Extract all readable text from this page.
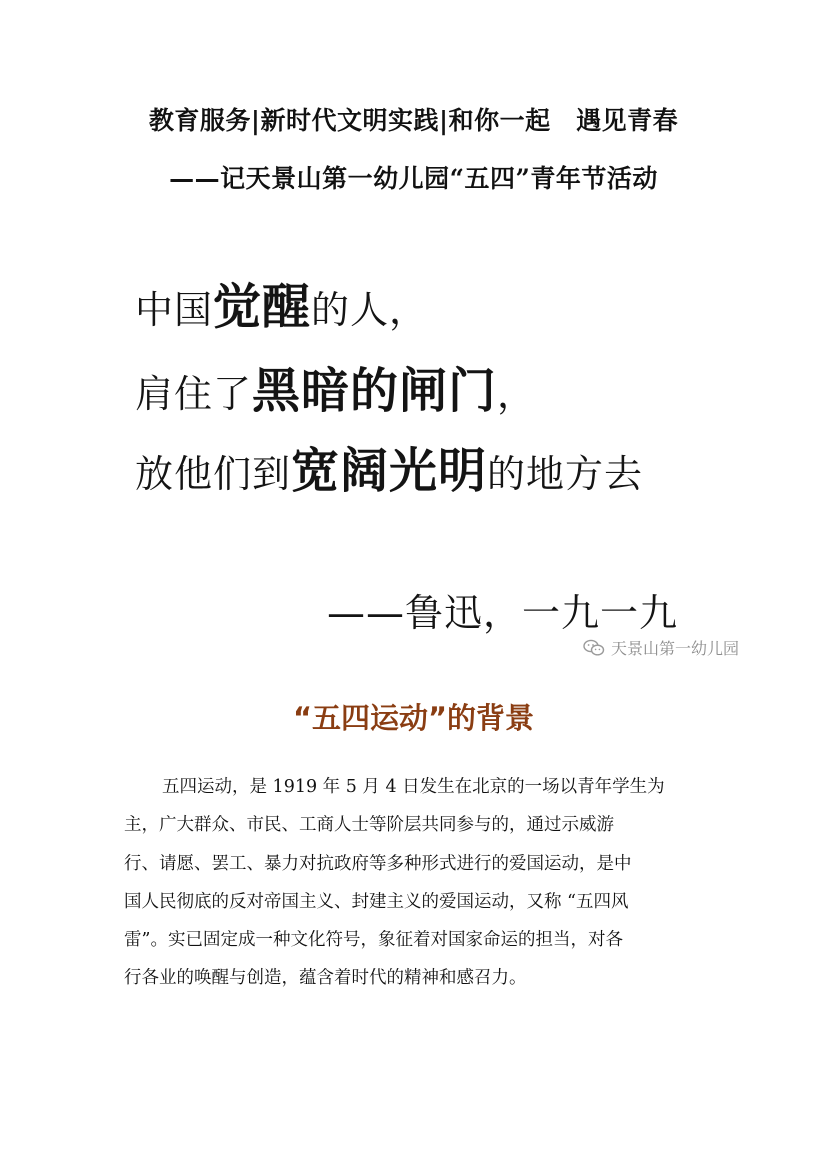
教育服务|新时代文明实践|和你一起　遇见青春
——记天景山第一幼儿园“五四”青年节活动
中国觉醒的人，
肩住了黑暗的闸门，
放他们到宽阔光明的地方去
——鲁迅，一九一九
天景山第一幼儿园
“五四运动”的背景
五四运动，是 1919 年 5 月 4 日发生在北京的一场以青年学生为
主，广大群众、市民、工商人士等阶层共同参与的，通过示威游
行、请愿、罢工、暴力对抗政府等多种形式进行的爱国运动，是中
国人民彻底的反对帝国主义、封建主义的爱国运动，又称 “五四风
雷”。实已固定成一种文化符号，象征着对国家命运的担当，对各
行各业的唤醒与创造，蕴含着时代的精神和感召力。
